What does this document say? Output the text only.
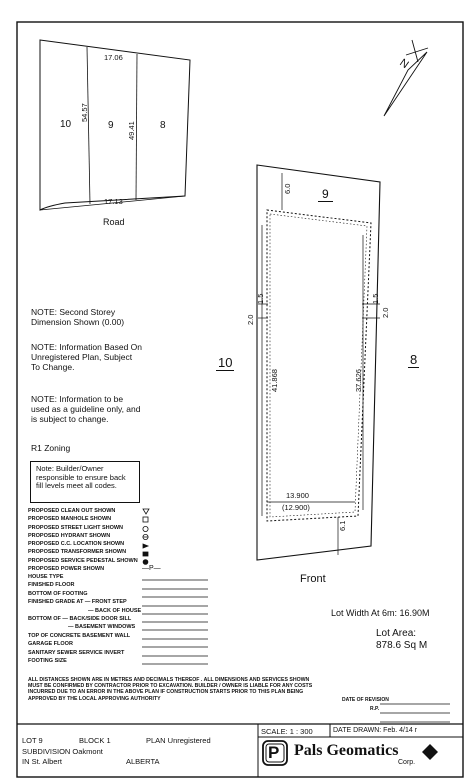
17.06
10	9	8
54.57
49.41
17.13
Road
N
9
6.0
10	8
1.5
2.0
1.5
2.0
41.868	37.626
13.900
(12.900)
6.1
Front
NOTE: Second Storey Dimension Shown (0.00)
NOTE: Information Based On Unregistered Plan, Subject To Change.
NOTE: Information to be used as a guideline only, and is subject to change.
R1 Zoning
Note: Builder/Owner responsible to ensure back fill levels meet all codes.
PROPOSED CLEAN OUT SHOWN
PROPOSED MANHOLE SHOWN
PROPOSED STREET LIGHT SHOWN
PROPOSED HYDRANT SHOWN
PROPOSED C.C. LOCATION SHOWN
PROPOSED TRANSFORMER SHOWN
PROPOSED SERVICE PEDESTAL SHOWN
PROPOSED POWER SHOWN	—P—
HOUSE TYPE
FINISHED FLOOR
BOTTOM OF FOOTING
FINISHED GRADE AT — FRONT STEP
— BACK OF HOUSE
BOTTOM OF — BACK/SIDE DOOR SILL
— BASEMENT WINDOWS
TOP OF CONCRETE BASEMENT WALL
GARAGE FLOOR
SANITARY SEWER SERVICE INVERT
FOOTING SIZE
Lot Width At 6m: 16.90M
Lot Area:
878.6 Sq M
ALL DISTANCES SHOWN ARE IN METRES AND DECIMALS THEREOF . ALL DIMENSIONS AND SERVICES SHOWN MUST BE CONFIRMED BY CONTRACTOR PRIOR TO EXCAVATION. BUILDER / OWNER IS LIABLE FOR ANY COSTS INCURRED DUE TO AN ERROR IN THE ABOVE PLAN IF CONSTRUCTION STARTS PRIOR TO THIS PLAN BEING APPROVED BY THE LOCAL APPROVING AUTHORITY	DATE OF REVISION
R.P.
LOT 9	BLOCK 1	PLAN Unregistered
SUBDIVISION Oakmont
IN St. Albert	ALBERTA
SCALE: 1 : 300	DATE DRAWN: Feb. 4/14 r
P Pals Geomatics
Corp.
